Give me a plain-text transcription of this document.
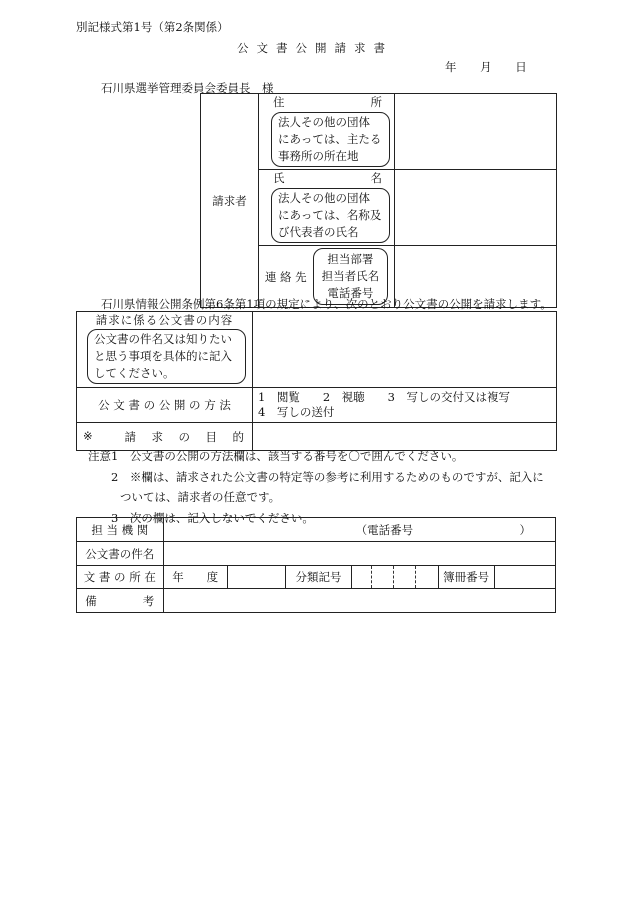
別記様式第1号（第2条関係）
公文書公開請求書
年 月 日
石川県選挙管理委員会委員長　様
請求者	住 所
法人その他の団体
にあっては、主たる
事務所の所在地	

	氏 名
法人その他の団体
にあっては、名称及
び代表者の氏名	

	連 絡 先
担当部署
担当者氏名
電話番号	

石川県情報公開条例第6条第1項の規定により、次のとおり公文書の公開を請求します。
請求に係る公文書の内容
公文書の件名又は知りたい
と思う事項を具体的に記入
してください。	

公 文 書 の 公 開 の 方 法	1　閲覧　　2　視聴　　3　写しの交付又は複写
4　写しの送付

※ 請　求　の　目　的	

注意1　公文書の公開の方法欄は、該当する番号を〇で囲んでください。
2　※欄は、請求された公文書の特定等の参考に利用するためのものですが、記入に
ついては、請求者の任意です。
3　次の欄は、記入しないでください。
担 当 機 関	（電話番号 ）								

公文書の件名									
文 書 の 所 在	年　　度		分類記号					簿冊番号	
備　　　　考									
